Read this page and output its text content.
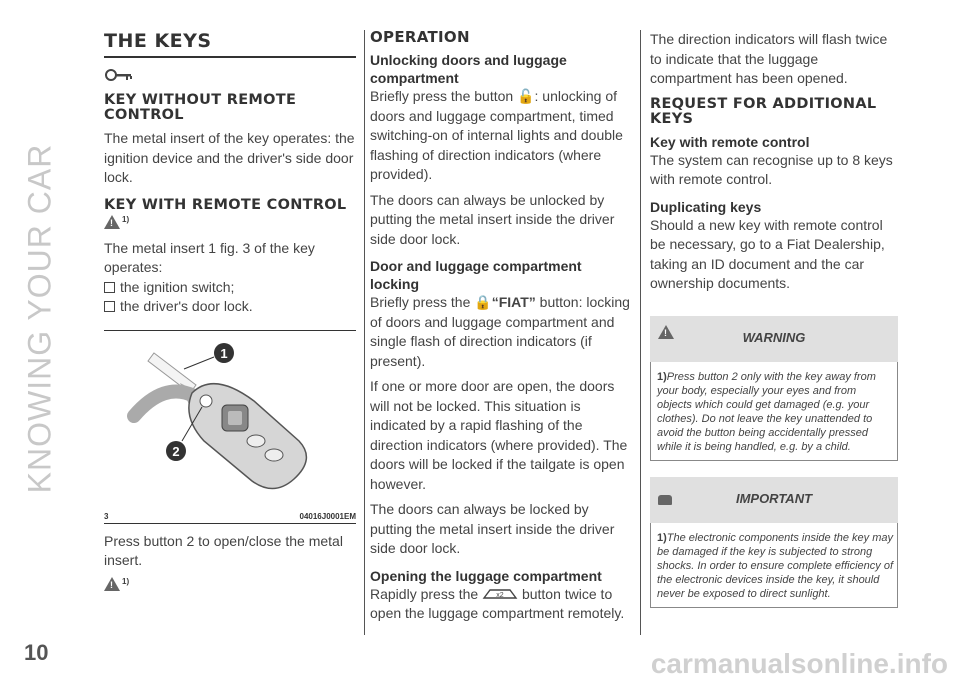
KNOWING YOUR CAR
10	carmanualsonline.info
THE KEYS
KEY WITHOUT REMOTE CONTROL

The metal insert of the key operates: the ignition device and the driver's side door lock.

KEY WITH REMOTE CONTROL
! 1)

The metal insert 1 fig. 3 of the key operates:

the ignition switch;
the driver's door lock.
1
2
3	04016J0001EM

Press button 2 to open/close the metal insert.

! 1)
OPERATION
Unlocking doors and luggage compartment

Briefly press the button 🔓: unlocking of doors and luggage compartment, timed switching-on of internal lights and double flashing of direction indicators (where provided).

The doors can always be unlocked by putting the metal insert inside the driver side door lock.

Door and luggage compartment locking

Briefly press the 🔒“FIAT” button: locking of doors and luggage compartment and single flash of direction indicators (if present).

If one or more door are open, the doors will not be locked. This situation is indicated by a rapid flashing of the direction indicators (where provided). The doors will be locked if the tailgate is open however.

The doors can always be locked by putting the metal insert inside the driver side door lock.

Opening the luggage compartment

Rapidly press the	x2 button twice to open the luggage compartment remotely.

The direction indicators will flash twice to indicate that the luggage compartment has been opened.

REQUEST FOR ADDITIONAL KEYS
Key with remote control

The system can recognise up to 8 keys with remote control.

Duplicating keys

Should a new key with remote control be necessary, go to a Fiat Dealership, taking an ID document and the car ownership documents.

!	WARNING
1)Press button 2 only with the key away from your body, especially your eyes and from objects which could get damaged (e.g. your clothes). Do not leave the key unattended to avoid the button being accidentally pressed while it is being handled, e.g. by a child.
IMPORTANT
1)The electronic components inside the key may be damaged if the key is subjected to strong shocks. In order to ensure complete efficiency of the electronic devices inside the key, it should never be exposed to direct sunlight.
